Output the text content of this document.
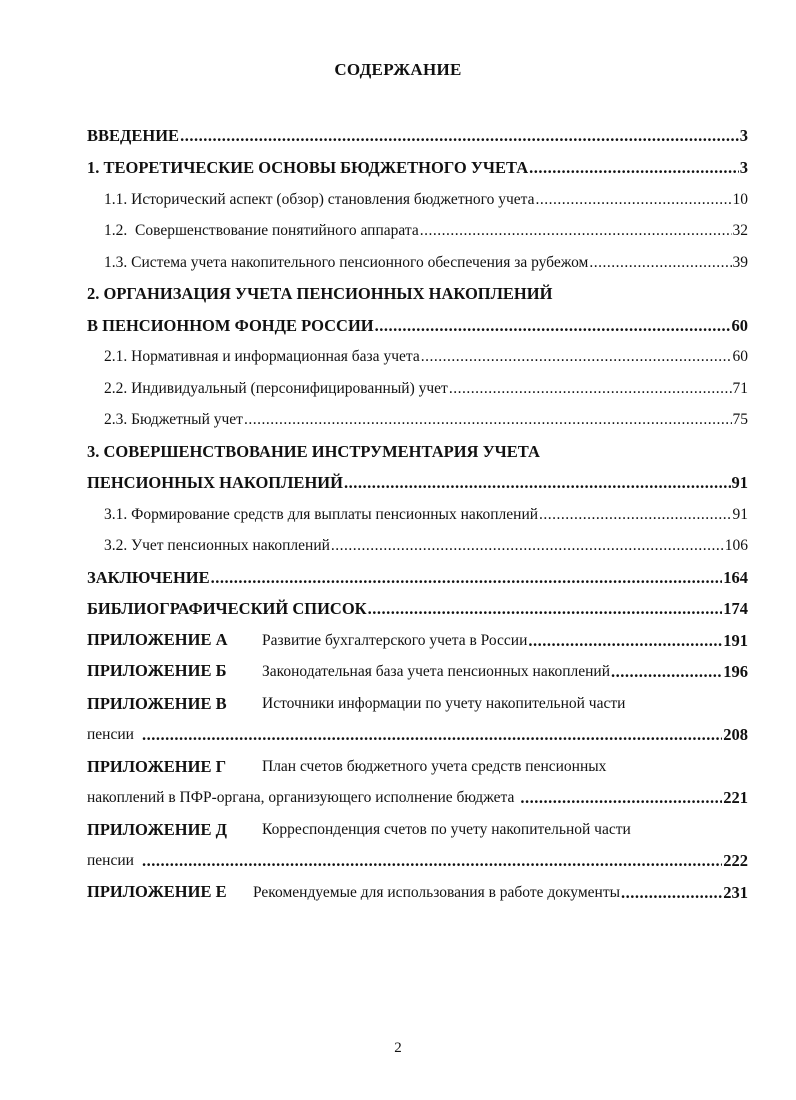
СОДЕРЖАНИЕ
ВВЕДЕНИЕ .....	3
1. ТЕОРЕТИЧЕСКИЕ ОСНОВЫ БЮДЖЕТНОГО УЧЕТА .....	3
1.1. Исторический аспект (обзор) становления бюджетного учета .....	10
1.2.  Совершенствование понятийного аппарата .....	32
1.3. Система учета накопительного пенсионного обеспечения за рубежом .....	39
2. ОРГАНИЗАЦИЯ УЧЕТА ПЕНСИОННЫХ НАКОПЛЕНИЙ
В ПЕНСИОННОМ ФОНДЕ РОССИИ .....	60
2.1. Нормативная и информационная база учета .....	60
2.2. Индивидуальный (персонифицированный) учет .....	71
2.3. Бюджетный учет .....	75
3. СОВЕРШЕНСТВОВАНИЕ ИНСТРУМЕНТАРИЯ УЧЕТА
ПЕНСИОННЫХ НАКОПЛЕНИЙ .....	91
3.1. Формирование средств для выплаты пенсионных накоплений .....	91
3.2. Учет пенсионных накоплений .....	106
ЗАКЛЮЧЕНИЕ .....	164
БИБЛИОГРАФИЧЕСКИЙ СПИСОК .....	174
ПРИЛОЖЕНИЕ А Развитие бухгалтерского учета в России .....	191
ПРИЛОЖЕНИЕ Б Законодательная база учета пенсионных накоплений .....	196
ПРИЛОЖЕНИЕ В	Источники информации по учету накопительной части
пенсии .....	208
ПРИЛОЖЕНИЕ Г	План счетов бюджетного учета средств пенсионных
накоплений в ПФР-органа, организующего исполнение бюджета .....	221
ПРИЛОЖЕНИЕ Д	Корреспонденция счетов по учету накопительной части
пенсии .....	222
ПРИЛОЖЕНИЕ Е Рекомендуемые для использования в работе документы .....	231
2
